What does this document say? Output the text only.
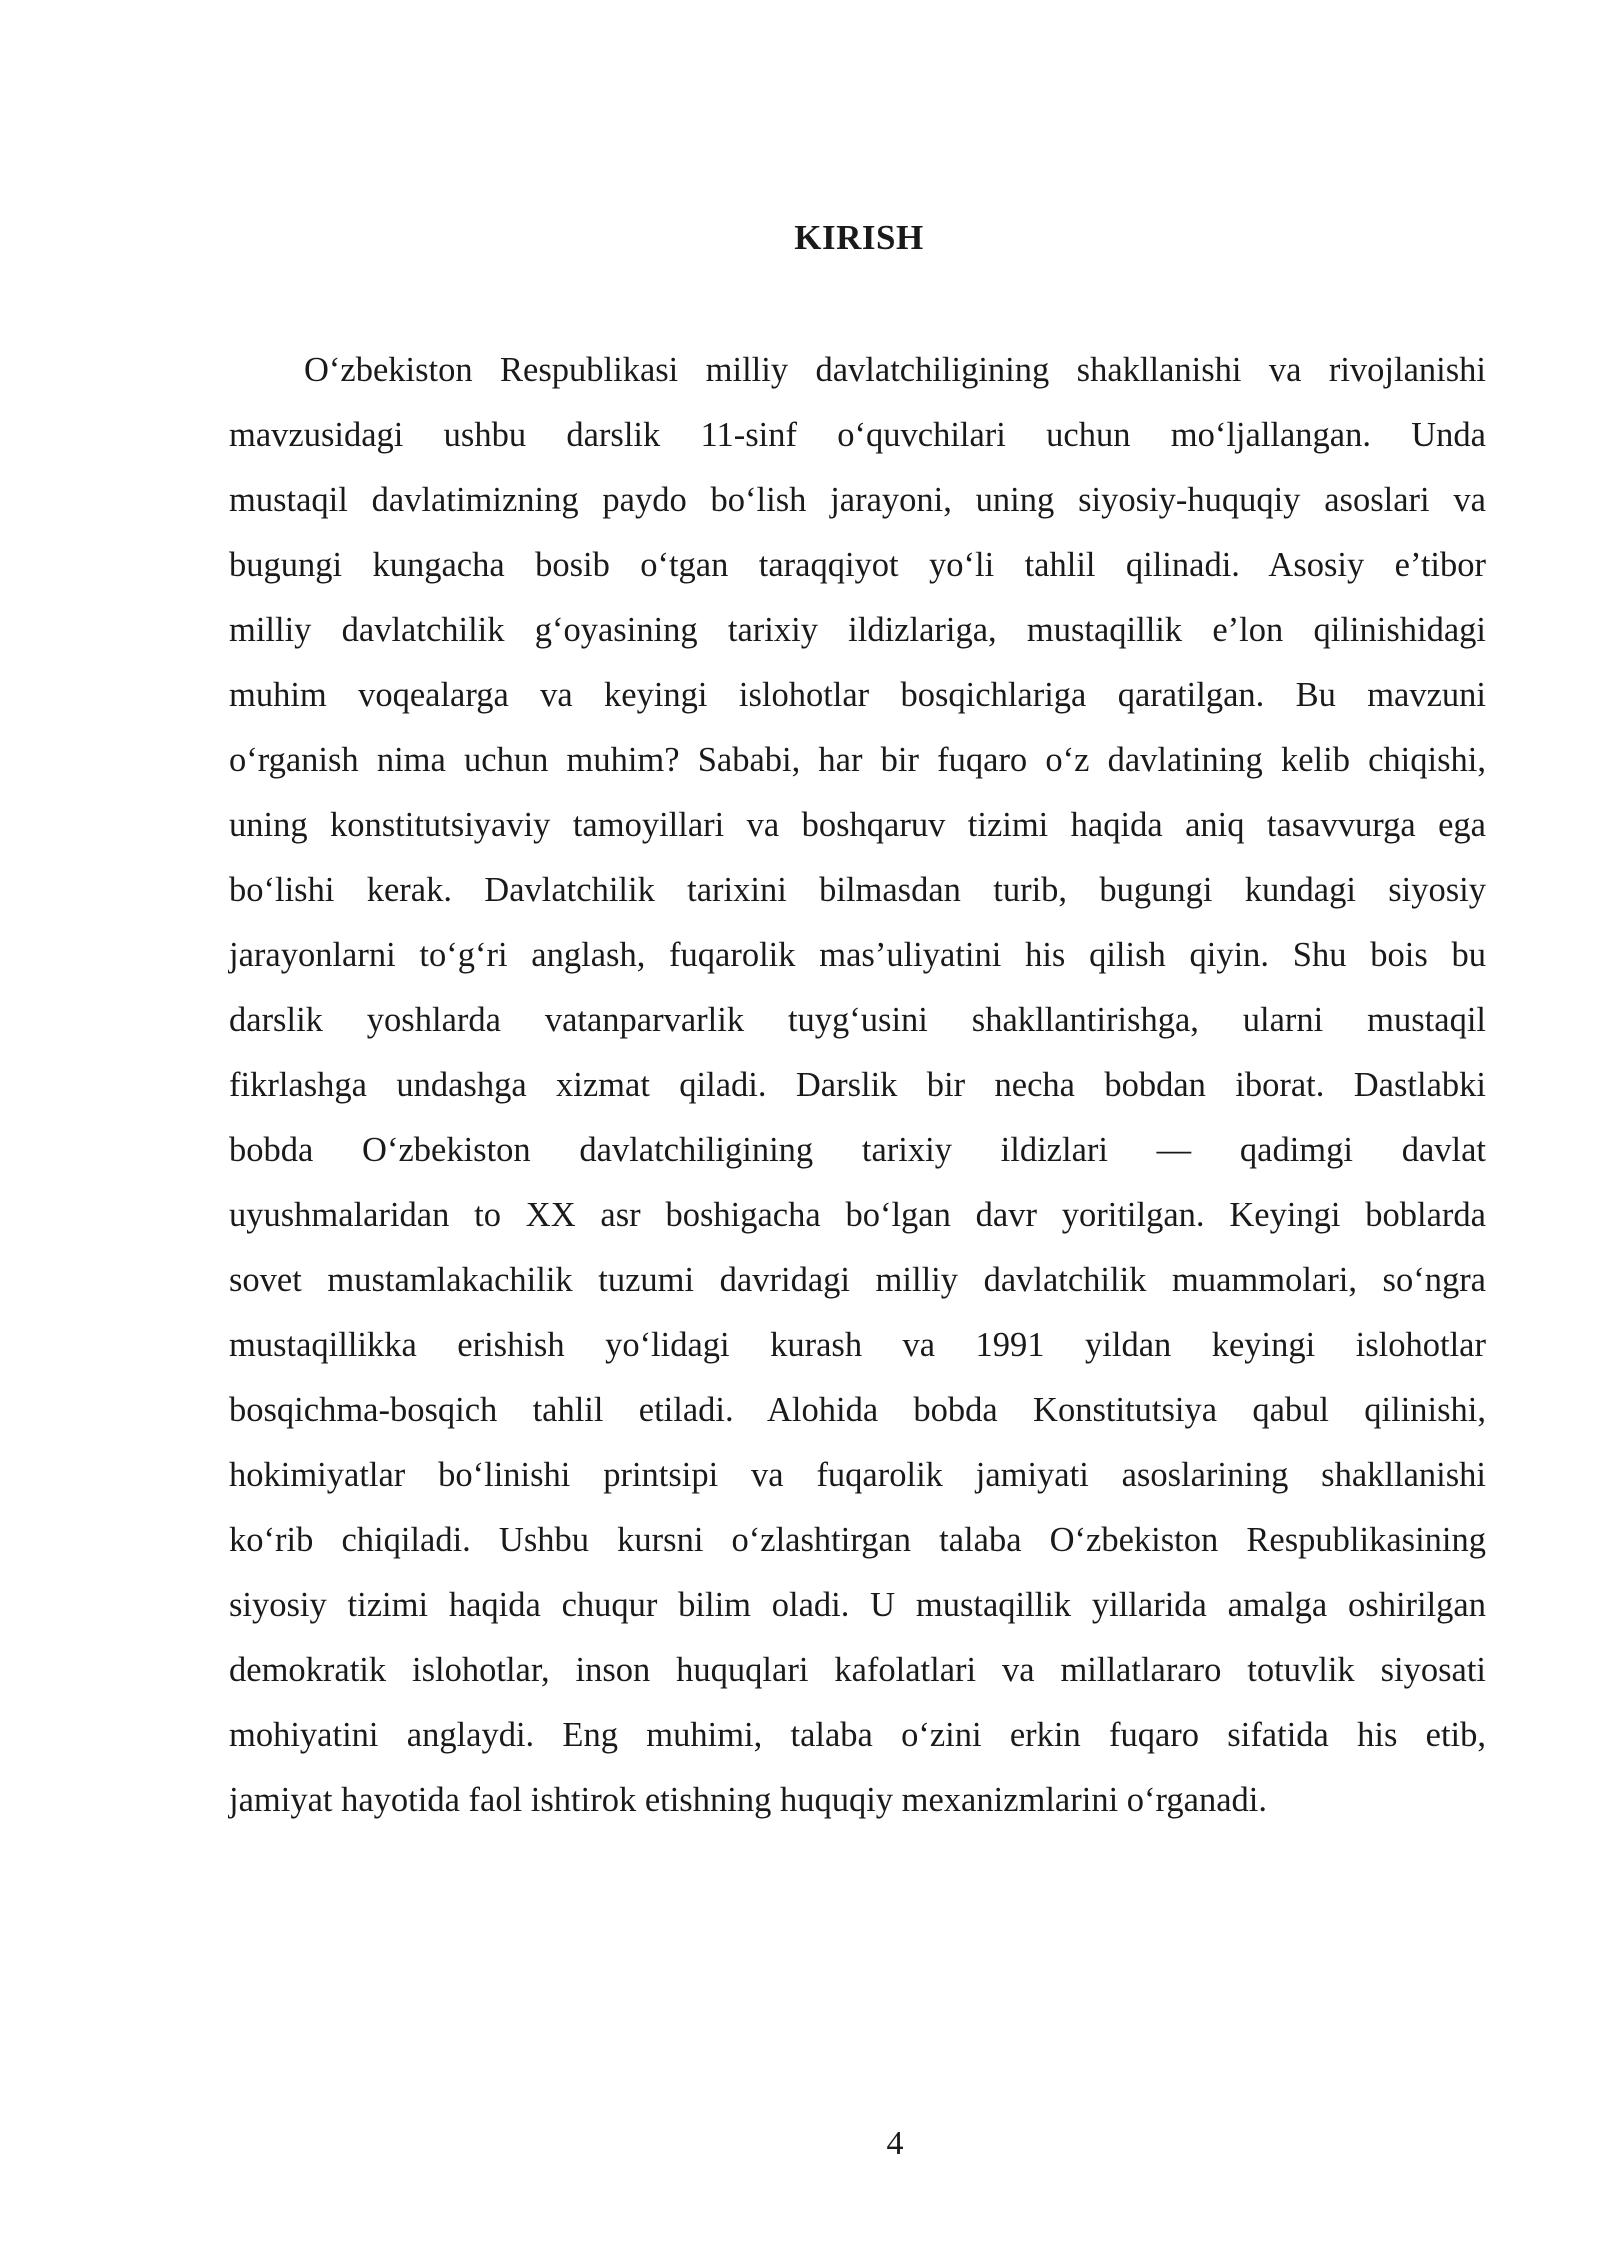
KIRISH
O‘zbekiston Respublikasi milliy davlatchiligining shakllanishi va rivojlanishi
mavzusidagi ushbu darslik 11-sinf o‘quvchilari uchun mo‘ljallangan. Unda
mustaqil davlatimizning paydo bo‘lish jarayoni, uning siyosiy-huquqiy asoslari va
bugungi kungacha bosib o‘tgan taraqqiyot yo‘li tahlil qilinadi. Asosiy e’tibor
milliy davlatchilik g‘oyasining tarixiy ildizlariga, mustaqillik e’lon qilinishidagi
muhim voqealarga va keyingi islohotlar bosqichlariga qaratilgan. Bu mavzuni
o‘rganish nima uchun muhim? Sababi, har bir fuqaro o‘z davlatining kelib chiqishi,
uning konstitutsiyaviy tamoyillari va boshqaruv tizimi haqida aniq tasavvurga ega
bo‘lishi kerak. Davlatchilik tarixini bilmasdan turib, bugungi kundagi siyosiy
jarayonlarni to‘g‘ri anglash, fuqarolik mas’uliyatini his qilish qiyin. Shu bois bu
darslik yoshlarda vatanparvarlik tuyg‘usini shakllantirishga, ularni mustaqil
fikrlashga undashga xizmat qiladi. Darslik bir necha bobdan iborat. Dastlabki
bobda O‘zbekiston davlatchiligining tarixiy ildizlari — qadimgi davlat
uyushmalaridan to XX asr boshigacha bo‘lgan davr yoritilgan. Keyingi boblarda
sovet mustamlakachilik tuzumi davridagi milliy davlatchilik muammolari, so‘ngra
mustaqillikka erishish yo‘lidagi kurash va 1991 yildan keyingi islohotlar
bosqichma-bosqich tahlil etiladi. Alohida bobda Konstitutsiya qabul qilinishi,
hokimiyatlar bo‘linishi printsipi va fuqarolik jamiyati asoslarining shakllanishi
ko‘rib chiqiladi. Ushbu kursni o‘zlashtirgan talaba O‘zbekiston Respublikasining
siyosiy tizimi haqida chuqur bilim oladi. U mustaqillik yillarida amalga oshirilgan
demokratik islohotlar, inson huquqlari kafolatlari va millatlararo totuvlik siyosati
mohiyatini anglaydi. Eng muhimi, talaba o‘zini erkin fuqaro sifatida his etib,
jamiyat hayotida faol ishtirok etishning huquqiy mexanizmlarini o‘rganadi.
4
